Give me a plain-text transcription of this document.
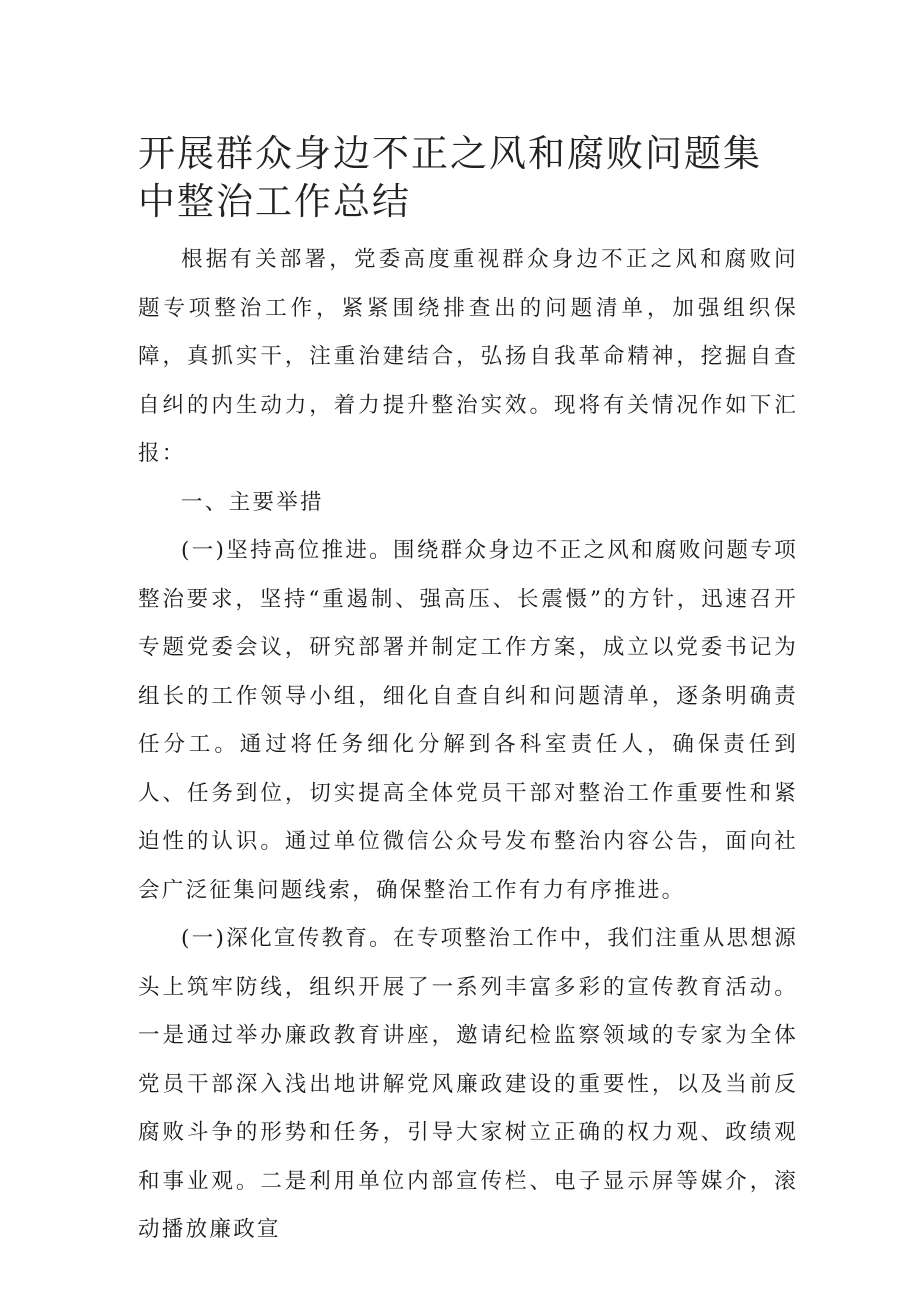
开展群众身边不正之风和腐败问题集中整治工作总结

根据有关部署，党委高度重视群众身边不正之风和腐败问题专项整治工作，紧紧围绕排查出的问题清单，加强组织保障，真抓实干，注重治建结合，弘扬自我革命精神，挖掘自查自纠的内生动力，着力提升整治实效。现将有关情况作如下汇报：

一、主要举措

(一)坚持高位推进。围绕群众身边不正之风和腐败问题专项整治要求，坚持“重遏制、强高压、长震慑”的方针，迅速召开专题党委会议，研究部署并制定工作方案，成立以党委书记为组长的工作领导小组，细化自查自纠和问题清单，逐条明确责任分工。通过将任务细化分解到各科室责任人，确保责任到人、任务到位，切实提高全体党员干部对整治工作重要性和紧迫性的认识。通过单位微信公众号发布整治内容公告，面向社会广泛征集问题线索，确保整治工作有力有序推进。

(一)深化宣传教育。在专项整治工作中，我们注重从思想源头上筑牢防线，组织开展了一系列丰富多彩的宣传教育活动。一是通过举办廉政教育讲座，邀请纪检监察领域的专家为全体党员干部深入浅出地讲解党风廉政建设的重要性，以及当前反腐败斗争的形势和任务，引导大家树立正确的权力观、政绩观和事业观。二是利用单位内部宣传栏、电子显示屏等媒介，滚动播放廉政宣
